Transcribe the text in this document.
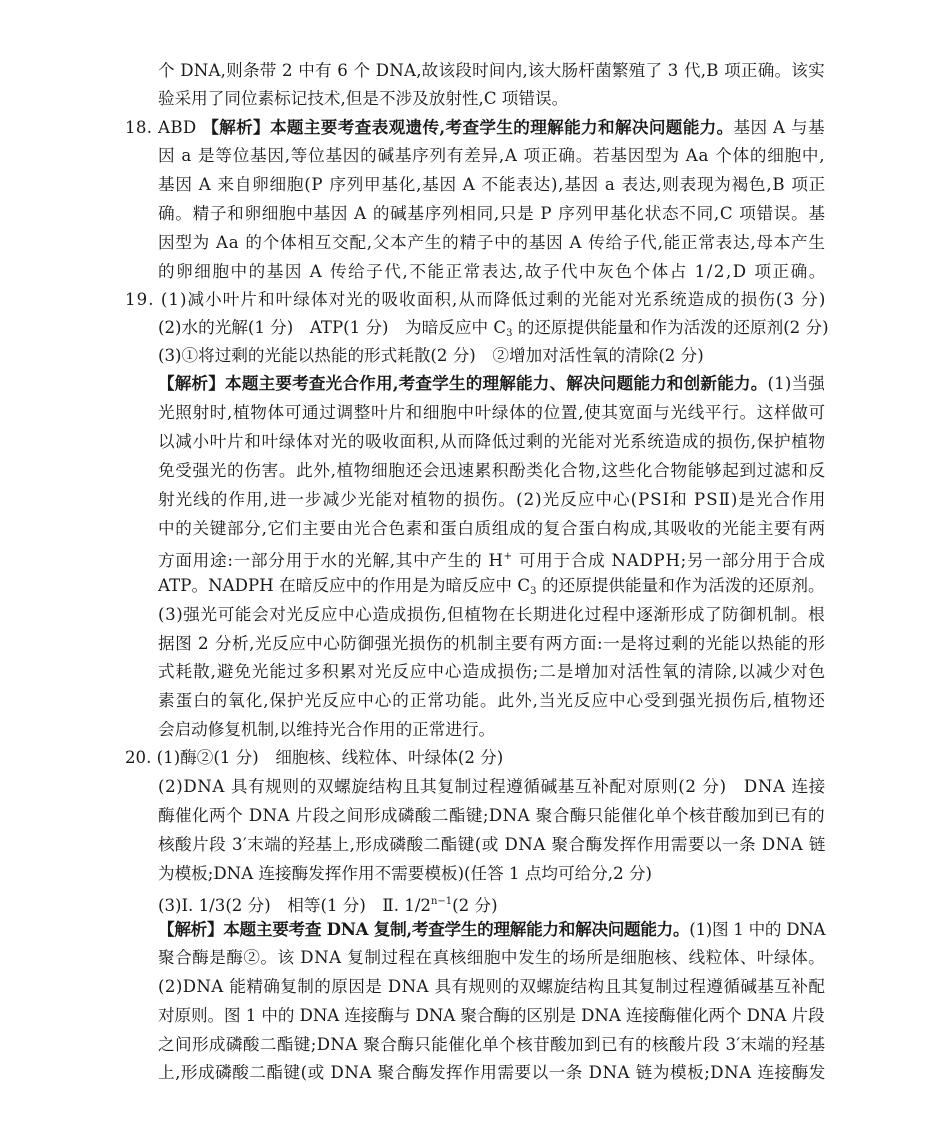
个 DNA,则条带 2 中有 6 个 DNA,故该段时间内,该大肠杆菌繁殖了 3 代,B 项正确。该实
验采用了同位素标记技术,但是不涉及放射性,C 项错误。
18. ABD 【解析】本题主要考查表观遗传,考查学生的理解能力和解决问题能力。基因 A 与基
因 a 是等位基因,等位基因的碱基序列有差异,A 项正确。若基因型为 Aa 个体的细胞中,
基因 A 来自卵细胞(P 序列甲基化,基因 A 不能表达),基因 a 表达,则表现为褐色,B 项正
确。精子和卵细胞中基因 A 的碱基序列相同,只是 P 序列甲基化状态不同,C 项错误。基
因型为 Aa 的个体相互交配,父本产生的精子中的基因 A 传给子代,能正常表达,母本产生
的卵细胞中的基因 A 传给子代,不能正常表达,故子代中灰色个体占 1/2,D 项正确。
19. (1)减小叶片和叶绿体对光的吸收面积,从而降低过剩的光能对光系统造成的损伤(3 分)
(2)水的光解(1 分)　ATP(1 分)　为暗反应中 $C_3$ 的还原提供能量和作为活泼的还原剂(2 分)
(3)①将过剩的光能以热能的形式耗散(2 分)　②增加对活性氧的清除(2 分)
【解析】本题主要考查光合作用,考查学生的理解能力、解决问题能力和创新能力。(1)当强
光照射时,植物体可通过调整叶片和细胞中叶绿体的位置,使其宽面与光线平行。这样做可
以减小叶片和叶绿体对光的吸收面积,从而降低过剩的光能对光系统造成的损伤,保护植物
免受强光的伤害。此外,植物细胞还会迅速累积酚类化合物,这些化合物能够起到过滤和反
射光线的作用,进一步减少光能对植物的损伤。(2)光反应中心(PSⅠ和 PSⅡ)是光合作用
中的关键部分,它们主要由光合色素和蛋白质组成的复合蛋白构成,其吸收的光能主要有两
方面用途:一部分用于水的光解,其中产生的 H+ 可用于合成 NADPH;另一部分用于合成
ATP。NADPH 在暗反应中的作用是为暗反应中 $C_3$ 的还原提供能量和作为活泼的还原剂。
(3)强光可能会对光反应中心造成损伤,但植物在长期进化过程中逐渐形成了防御机制。根
据图 2 分析,光反应中心防御强光损伤的机制主要有两方面:一是将过剩的光能以热能的形
式耗散,避免光能过多积累对光反应中心造成损伤;二是增加对活性氧的清除,以减少对色
素蛋白的氧化,保护光反应中心的正常功能。此外,当光反应中心受到强光损伤后,植物还
会启动修复机制,以维持光合作用的正常进行。
20. (1)酶②(1 分)　细胞核、线粒体、叶绿体(2 分)
(2)DNA 具有规则的双螺旋结构且其复制过程遵循碱基互补配对原则(2 分)　DNA 连接
酶催化两个 DNA 片段之间形成磷酸二酯键;DNA 聚合酶只能催化单个核苷酸加到已有的
核酸片段 3′末端的羟基上,形成磷酸二酯键(或 DNA 聚合酶发挥作用需要以一条 DNA 链
为模板;DNA 连接酶发挥作用不需要模板)(任答 1 点均可给分,2 分)
(3)Ⅰ. 1/3(2 分)　相等(1 分)　Ⅱ. $1/2^{n-1}(2$ 分)
【解析】本题主要考查 DNA 复制,考查学生的理解能力和解决问题能力。(1)图 1 中的 DNA
聚合酶是酶②。该 DNA 复制过程在真核细胞中发生的场所是细胞核、线粒体、叶绿体。
(2)DNA 能精确复制的原因是 DNA 具有规则的双螺旋结构且其复制过程遵循碱基互补配
对原则。图 1 中的 DNA 连接酶与 DNA 聚合酶的区别是 DNA 连接酶催化两个 DNA 片段
之间形成磷酸二酯键;DNA 聚合酶只能催化单个核苷酸加到已有的核酸片段 3′末端的羟基
上,形成磷酸二酯键(或 DNA 聚合酶发挥作用需要以一条 DNA 链为模板;DNA 连接酶发
